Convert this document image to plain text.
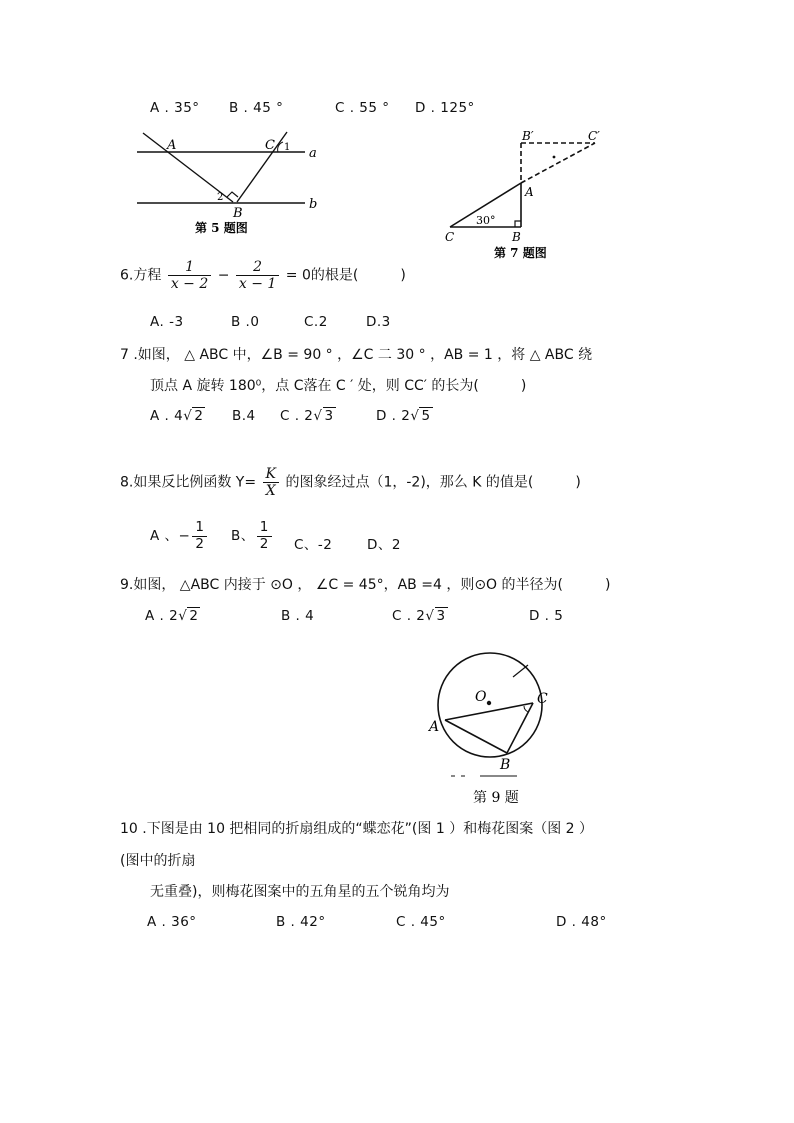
A . 35° B . 45 °	C . 55 ° D . 125°
A	C 1
2
B
a
b
第 5 题图
B′	C′
A
C	B
30°
第 7 题图
6.方程 $\frac{1}{x - 2} - \frac{2}{x - 1} = 0$的根是(　　　)
A. -3	B .0	C.2	D.3
7 .如图， △ ABC 中，∠B = 90 ° ，∠C 二 30 ° ，AB = 1 ，将 △ ABC 绕
顶点 A 旋转 180⁰，点 C落在 C ′ 处，则 CC′ 的长为(　　　)
A . 4√ 2 B.4 C . 2√ 3	D . 2√ 5
8.如果反比例函数 $Y= \frac{K}{X}$ 的图象经过点（1，-2)，那么 K 的值是(　　　)
A 、− $\frac{1}{2}$ B、 $\frac{1}{2}$ C、-2	D、2
9.如图， △ABC 内接于 ⊙O ， ∠C = 45°，AB =4 ，则⊙O 的半径为(　　　)
A . 2√ 2	B . 4	C . 2√ 3	D . 5
O
A
B
C
第 9 题
10 .下图是由 10 把相同的折扇组成的“蝶恋花”(图 1 ）和梅花图案（图 2 ）
(图中的折扇
无重叠)，则梅花图案中的五角星的五个锐角均为
A . 36°	B . 42°	C . 45°	D . 48°
